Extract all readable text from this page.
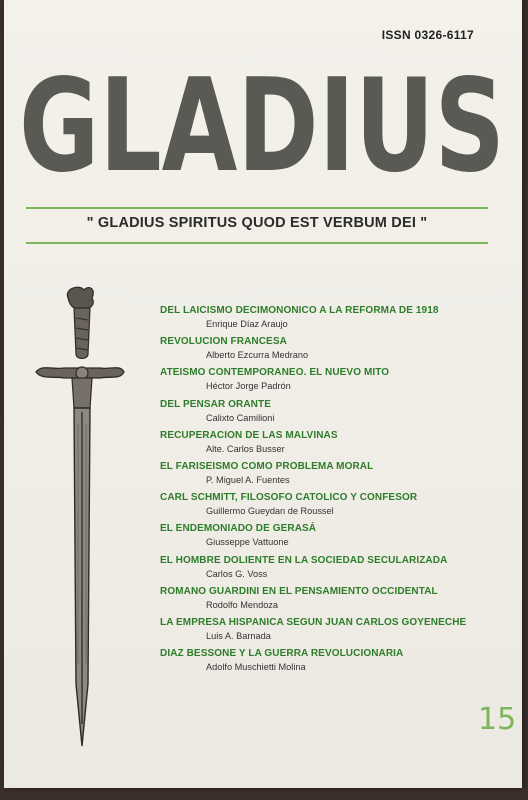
ISSN 0326-6117
GLADIUS
" GLADIUS SPIRITUS QUOD EST VERBUM DEI "
DEL LAICISMO DECIMONONICO A LA REFORMA DE 1918
Enrique Díaz Araujo
REVOLUCION FRANCESA
Alberto Ezcurra Medrano
ATEISMO CONTEMPORANEO. EL NUEVO MITO
Héctor Jorge Padrón
DEL PENSAR ORANTE
Calixto Camilioni
RECUPERACION DE LAS MALVINAS
Alte. Carlos Busser
EL FARISEISMO COMO PROBLEMA MORAL
P. Miguel A. Fuentes
CARL SCHMITT, FILOSOFO CATOLICO Y CONFESOR
Guillermo Gueydan de Roussel
EL ENDEMONIADO DE GERASÁ
Giusseppe Vattuone
EL HOMBRE DOLIENTE EN LA SOCIEDAD SECULARIZADA
Carlos G. Voss
ROMANO GUARDINI EN EL PENSAMIENTO OCCIDENTAL
Rodolfo Mendoza
LA EMPRESA HISPANICA SEGUN JUAN CARLOS GOYENECHE
Luis A. Barnada
DIAZ BESSONE Y LA GUERRA REVOLUCIONARIA
Adolfo Muschietti Molina
15
